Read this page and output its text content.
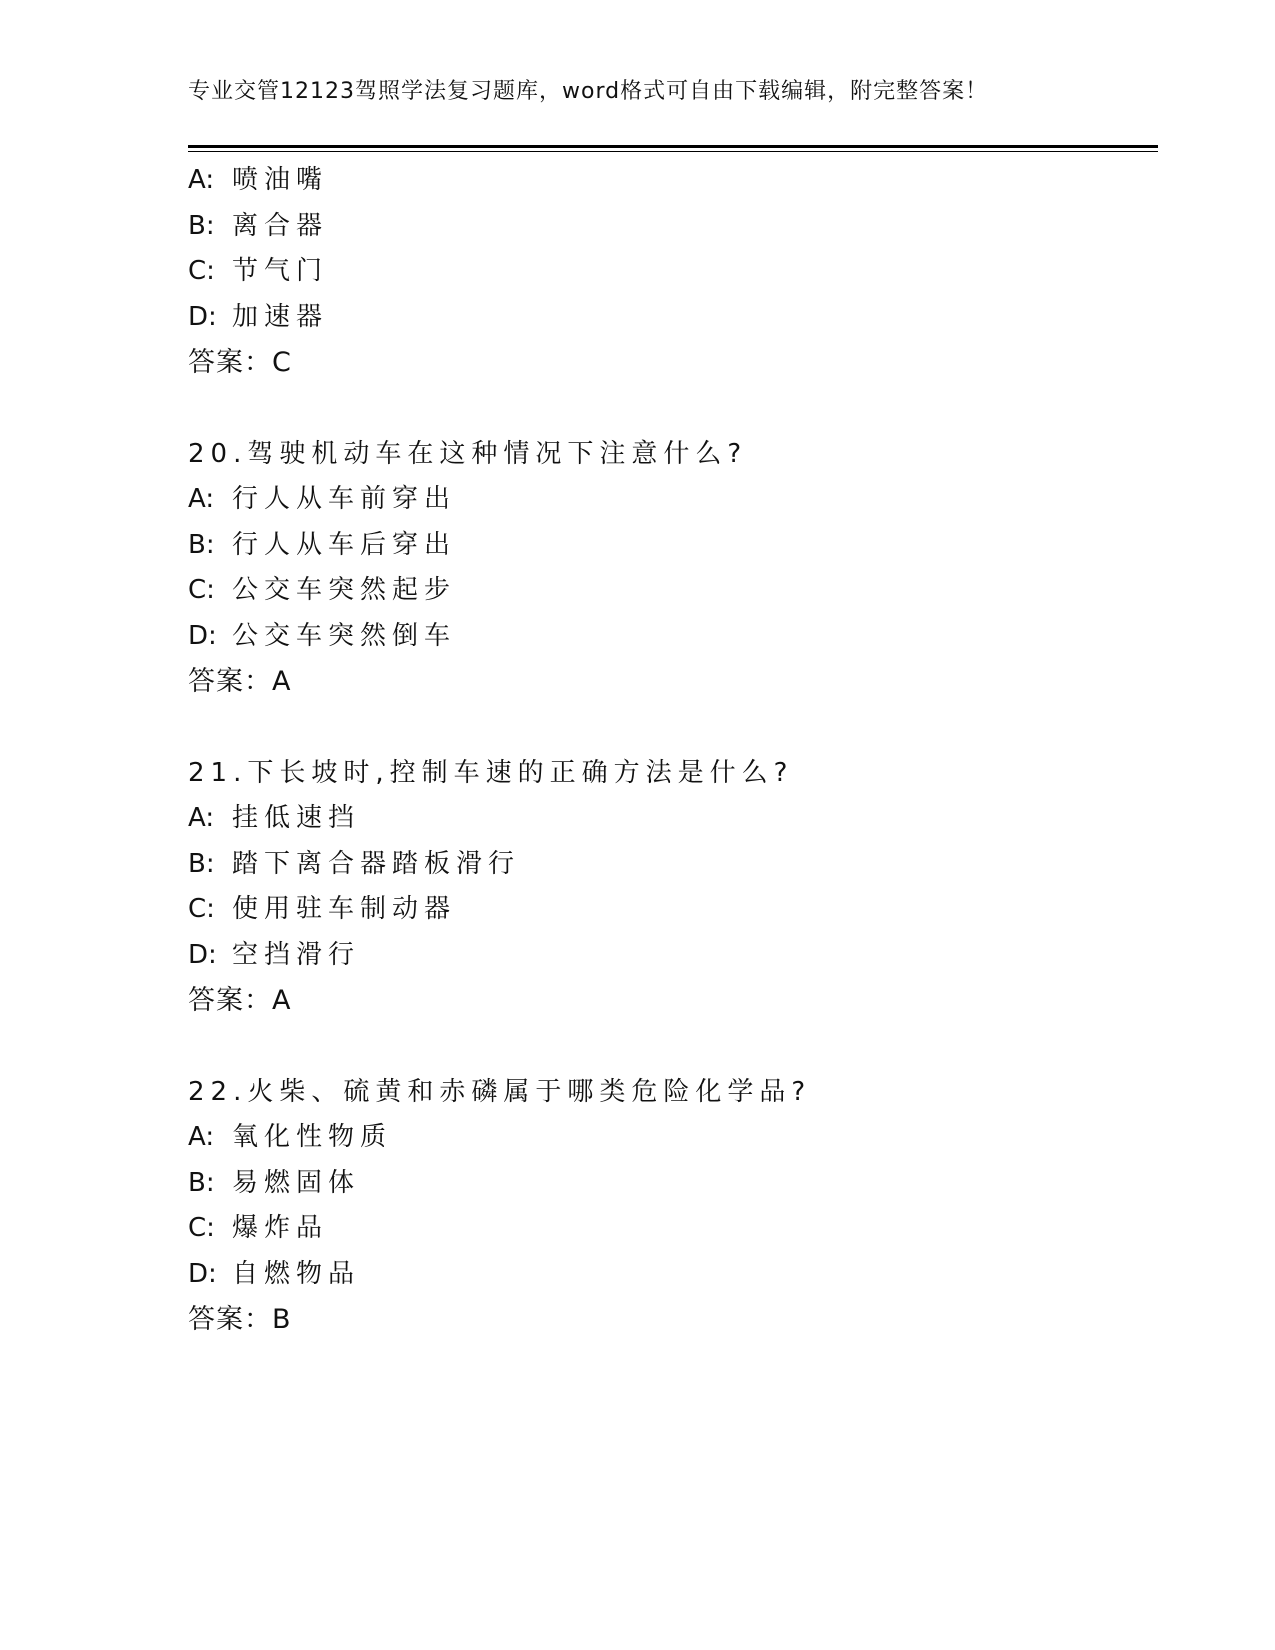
专业交管12123驾照学法复习题库，word格式可自由下载编辑，附完整答案！
A: 喷油嘴
B: 离合器
C: 节气门
D: 加速器
答案：C
20.驾驶机动车在这种情况下注意什么?
A: 行人从车前穿出
B: 行人从车后穿出
C: 公交车突然起步
D: 公交车突然倒车
答案：A
21.下长坡时,控制车速的正确方法是什么?
A: 挂低速挡
B: 踏下离合器踏板滑行
C: 使用驻车制动器
D: 空挡滑行
答案：A
22.火柴、硫黄和赤磷属于哪类危险化学品?
A: 氧化性物质
B: 易燃固体
C: 爆炸品
D: 自燃物品
答案：B
